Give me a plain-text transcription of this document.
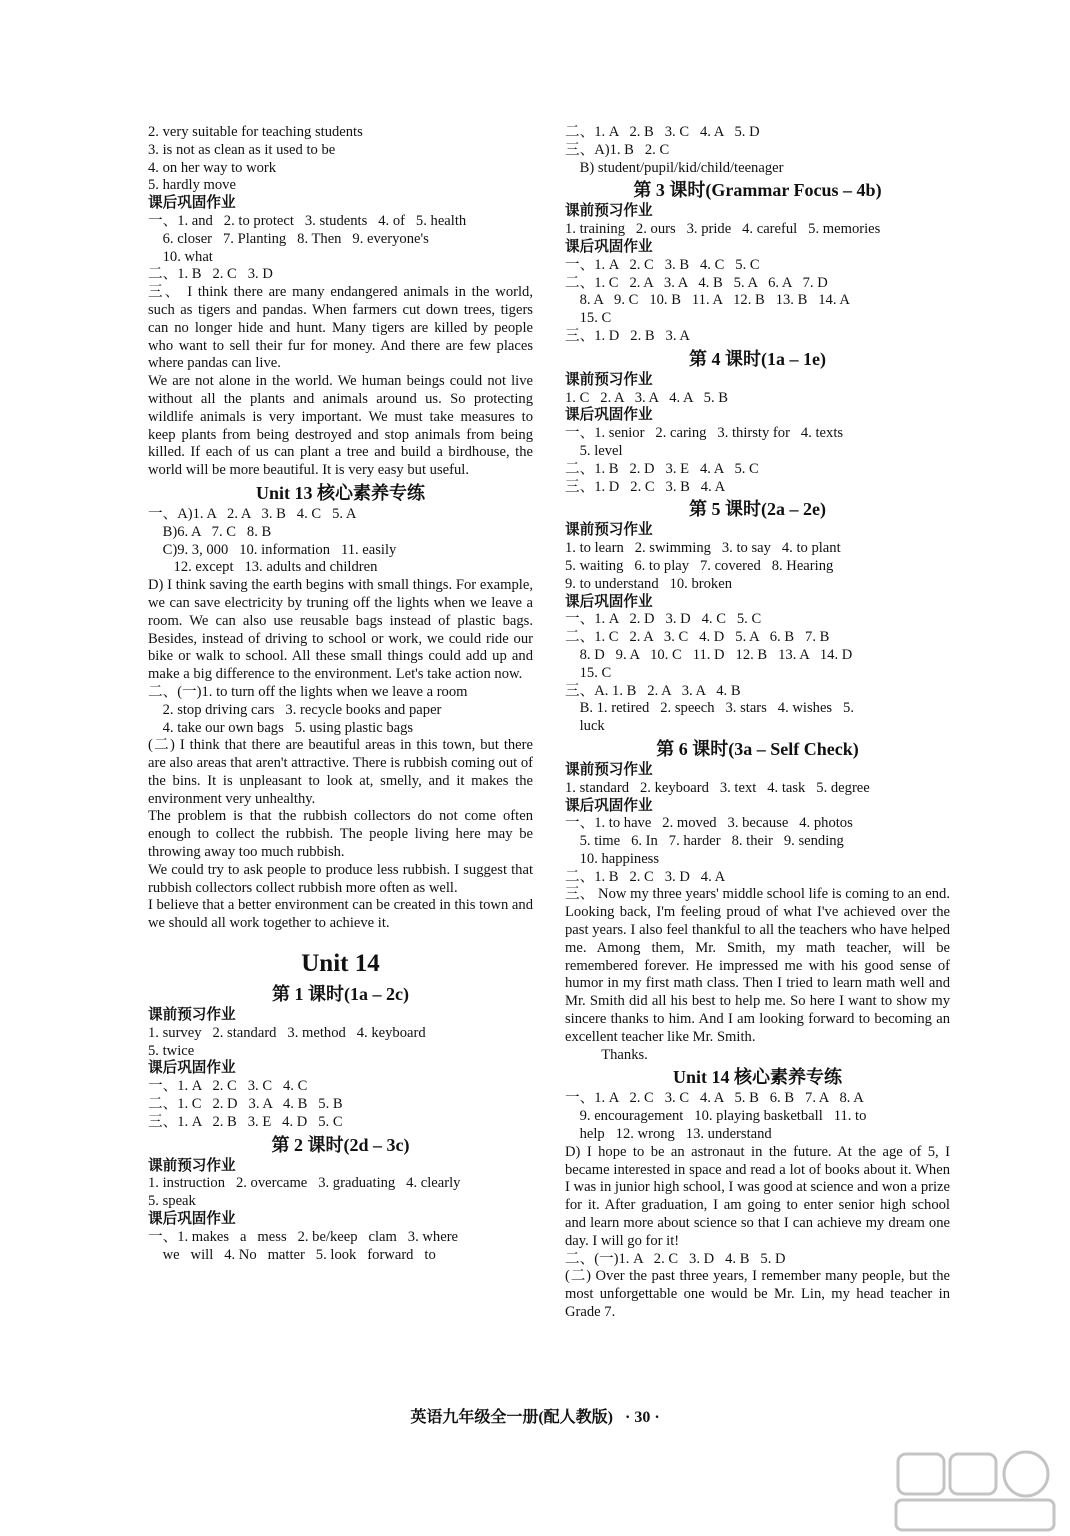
2. very suitable for teaching students
3. is not as clean as it used to be
4. on her way to work
5. hardly move
课后巩固作业
一、1. and   2. to protect   3. students   4. of   5. health
6. closer   7. Planting   8. Then   9. everyone's
10. what
二、1. B   2. C   3. D
三、 I think there are many endangered animals in the world, such as tigers and pandas. When farmers cut down trees, tigers can no longer hide and hunt. Many tigers are killed by people who want to sell their fur for money. And there are few places where pandas can live.
We are not alone in the world. We human beings could not live without all the plants and animals around us. So protecting wildlife animals is very important. We must take measures to keep plants from being destroyed and stop animals from being killed. If each of us can plant a tree and build a birdhouse, the world will be more beautiful. It is very easy but useful.
Unit 13 核心素养专练
一、A)1. A   2. A   3. B   4. C   5. A
B)6. A   7. C   8. B
C)9. 3, 000   10. information   11. easily
12. except   13. adults and children
D) I think saving the earth begins with small things. For example, we can save electricity by truning off the lights when we leave a room. We can also use reusable bags instead of plastic bags. Besides, instead of driving to school or work, we could ride our bike or walk to school. All these small things could add up and make a big difference to the environment. Let's take action now.
二、(一)1. to turn off the lights when we leave a room
2. stop driving cars   3. recycle books and paper
4. take our own bags   5. using plastic bags
(二) I think that there are beautiful areas in this town, but there are also areas that aren't attractive. There is rubbish coming out of the bins. It is unpleasant to look at, smelly, and it makes the environment very unhealthy.
The problem is that the rubbish collectors do not come often enough to collect the rubbish. The people living here may be throwing away too much rubbish.
We could try to ask people to produce less rubbish. I suggest that rubbish collectors collect rubbish more often as well.
I believe that a better environment can be created in this town and we should all work together to achieve it.
Unit 14
第 1 课时(1a – 2c)
课前预习作业
1. survey   2. standard   3. method   4. keyboard
5. twice
课后巩固作业
一、1. A   2. C   3. C   4. C
二、1. C   2. D   3. A   4. B   5. B
三、1. A   2. B   3. E   4. D   5. C
第 2 课时(2d – 3c)
课前预习作业
1. instruction   2. overcame   3. graduating   4. clearly
5. speak
课后巩固作业
一、1. makes   a   mess   2. be/keep   clam   3. where
we   will   4. No   matter   5. look   forward   to
二、1. A   2. B   3. C   4. A   5. D
三、A)1. B   2. C
B) student/pupil/kid/child/teenager
第 3 课时(Grammar Focus – 4b)
课前预习作业
1. training   2. ours   3. pride   4. careful   5. memories
课后巩固作业
一、1. A   2. C   3. B   4. C   5. C
二、1. C   2. A   3. A   4. B   5. A   6. A   7. D
8. A   9. C   10. B   11. A   12. B   13. B   14. A
15. C
三、1. D   2. B   3. A
第 4 课时(1a – 1e)
课前预习作业
1. C   2. A   3. A   4. A   5. B
课后巩固作业
一、1. senior   2. caring   3. thirsty for   4. texts
5. level
二、1. B   2. D   3. E   4. A   5. C
三、1. D   2. C   3. B   4. A
第 5 课时(2a – 2e)
课前预习作业
1. to learn   2. swimming   3. to say   4. to plant
5. waiting   6. to play   7. covered   8. Hearing
9. to understand   10. broken
课后巩固作业
一、1. A   2. D   3. D   4. C   5. C
二、1. C   2. A   3. C   4. D   5. A   6. B   7. B
8. D   9. A   10. C   11. D   12. B   13. A   14. D
15. C
三、A. 1. B   2. A   3. A   4. B
B. 1. retired   2. speech   3. stars   4. wishes   5.
luck
第 6 课时(3a – Self Check)
课前预习作业
1. standard   2. keyboard   3. text   4. task   5. degree
课后巩固作业
一、1. to have   2. moved   3. because   4. photos
5. time   6. In   7. harder   8. their   9. sending
10. happiness
二、1. B   2. C   3. D   4. A
三、 Now my three years' middle school life is coming to an end. Looking back, I'm feeling proud of what I've achieved over the past years. I also feel thankful to all the teachers who have helped me. Among them, Mr. Smith, my math teacher, will be remembered forever. He impressed me with his good sense of humor in my first math class. Then I tried to learn math well and Mr. Smith did all his best to help me. So here I want to show my sincere thanks to him. And I am looking forward to becoming an excellent teacher like Mr. Smith.
Thanks.
Unit 14 核心素养专练
一、1. A   2. C   3. C   4. A   5. B   6. B   7. A   8. A
9. encouragement   10. playing basketball   11. to
help   12. wrong   13. understand
D) I hope to be an astronaut in the future. At the age of 5, I became interested in space and read a lot of books about it. When I was in junior high school, I was good at science and won a prize for it. After graduation, I am going to enter senior high school and learn more about science so that I can achieve my dream one day. I will go for it!
二、(一)1. A   2. C   3. D   4. B   5. D
(二) Over the past three years, I remember many people, but the most unforgettable one would be Mr. Lin, my head teacher in Grade 7.
英语九年级全一册(配人教版)   · 30 ·
